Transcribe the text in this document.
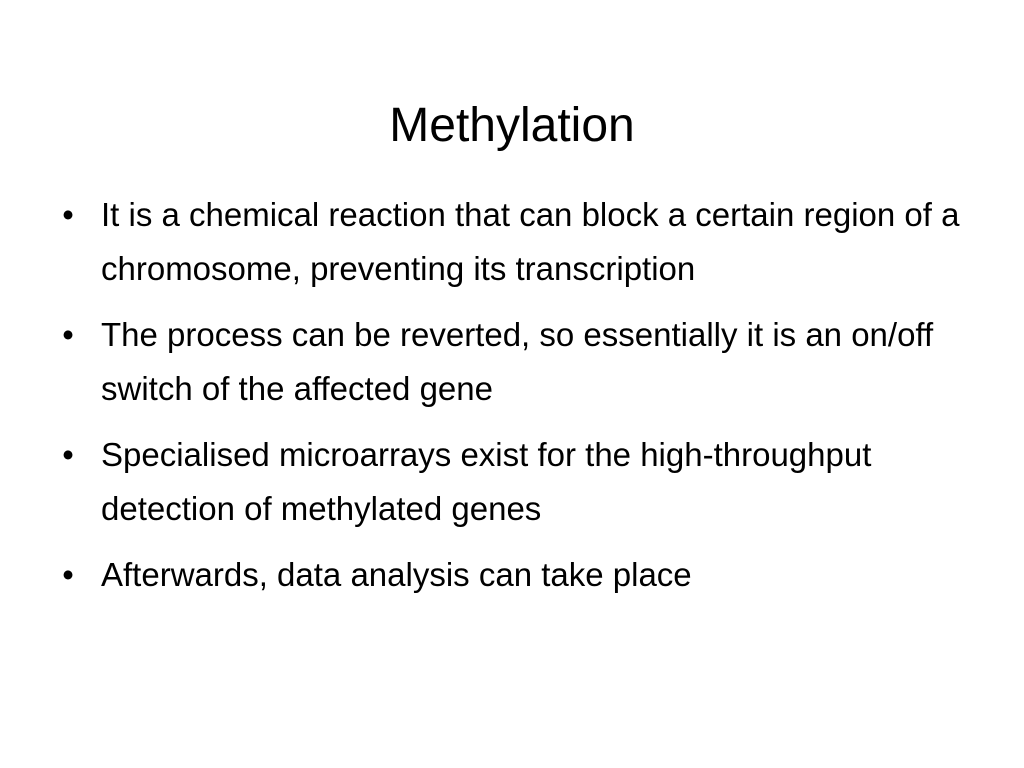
Methylation
• It is a chemical reaction that can block a certain region of a chromosome, preventing its transcription
• The process can be reverted, so essentially it is an on/off switch of the affected gene
• Specialised microarrays exist for the high-throughput detection of methylated genes
• Afterwards, data analysis can take place
